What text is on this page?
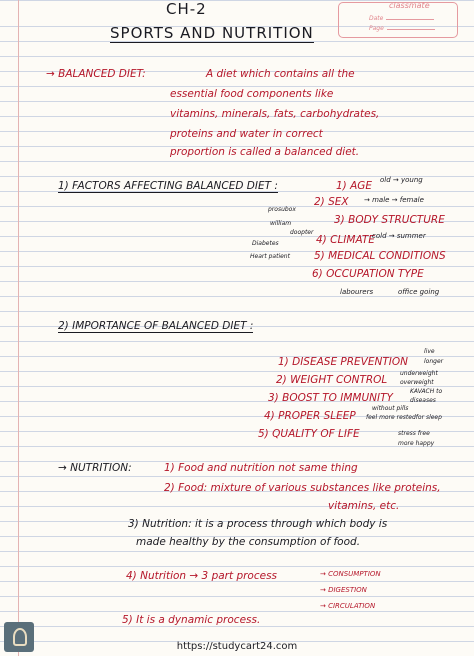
classmate
Date
Page
CH-2
SPORTS AND NUTRITION
→ BALANCED DIET:	A diet which contains all the
essential food components like
vitamins, minerals, fats, carbohydrates,
proteins and water in correct
proportion is called a balanced diet.
1) FACTORS AFFECTING BALANCED DIET :	1) AGE old → young
2) SEX → male → female
prosubox
3) BODY STRUCTURE
william
doopter
4) CLIMATE
cold → summer
Diabetes
Heart patient 5) MEDICAL CONDITIONS
6) OCCUPATION TYPE
labourers	office going
2) IMPORTANCE OF BALANCED DIET :
1) DISEASE PREVENTION
live
longer
2) WEIGHT CONTROL
underweight
overweight
3) BOOST TO IMMUNITY
KAVACH to
diseases
4) PROPER SLEEP
without pills
feel more restedfor sleep
5) QUALITY OF LIFE	stress free
more happy
→ NUTRITION:	1) Food and nutrition not same thing
2) Food: mixture of various substances like proteins,
vitamins, etc.
3) Nutrition: it is a process through which body is
made healthy by the consumption of food.
4) Nutrition → 3 part process	→ CONSUMPTION
→ DIGESTION
→ CIRCULATION
5) It is a dynamic process.
https://studycart24.com
